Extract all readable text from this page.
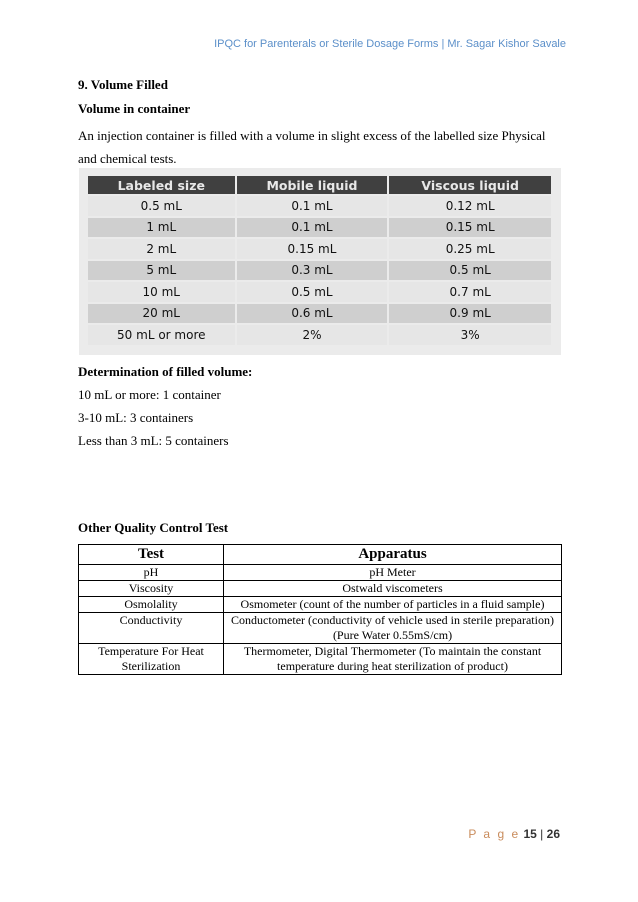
IPQC for Parenterals or Sterile Dosage Forms | Mr. Sagar Kishor Savale
9. Volume Filled
Volume in container
An injection container is filled with a volume in slight excess of the labelled size Physical and chemical tests.
Labeled size	Mobile liquid	Viscous liquid
0.5 mL	0.1 mL	0.12 mL
1 mL	0.1 mL	0.15 mL
2 mL	0.15 mL	0.25 mL
5 mL	0.3 mL	0.5 mL
10 mL	0.5 mL	0.7 mL
20 mL	0.6 mL	0.9 mL
50 mL or more	2%	3%
Determination of filled volume:
10 mL or more: 1 container
3-10 mL: 3 containers
Less than 3 mL: 5 containers
Other Quality Control Test
Test	Apparatus
pH	pH Meter
Viscosity	Ostwald viscometers
Osmolality	Osmometer (count of the number of particles in a fluid sample)
Conductivity	Conductometer (conductivity of vehicle used in sterile preparation) (Pure Water 0.55mS/cm)
Temperature For Heat Sterilization	Thermometer, Digital Thermometer (To maintain the constant temperature during heat sterilization of product)
P a g e 15 | 26
